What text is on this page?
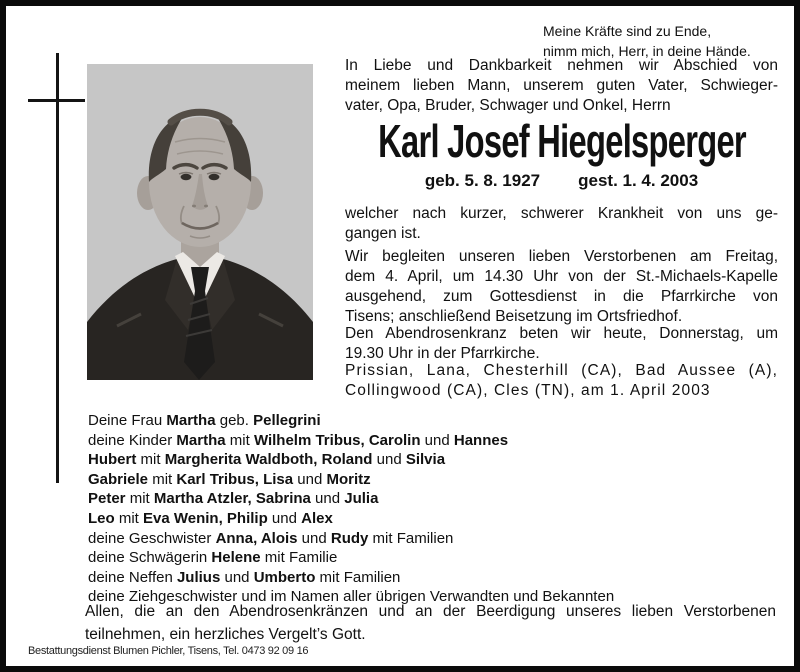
Meine Kräfte sind zu Ende,
nimm mich, Herr, in deine Hände.
In Liebe und Dankbarkeit nehmen wir Abschied von
meinem lieben Mann, unserem guten Vater, Schwieger-
vater, Opa, Bruder, Schwager und Onkel, Herrn
Karl Josef Hiegelsperger
geb. 5. 8. 1927 gest. 1. 4. 2003
welcher nach kurzer, schwerer Krankheit von uns ge-
gangen ist.
Wir begleiten unseren lieben Verstorbenen am Freitag,
dem 4. April, um 14.30 Uhr von der St.-Michaels-Kapelle
ausgehend, zum Gottesdienst in die Pfarrkirche von
Tisens; anschließend Beisetzung im Ortsfriedhof.
Den Abendrosenkranz beten wir heute, Donnerstag, um
19.30 Uhr in der Pfarrkirche.
Prissian, Lana, Chesterhill (CA), Bad Aussee (A),
Collingwood (CA), Cles (TN), am 1. April 2003
Deine Frau Martha geb. Pellegrini
deine Kinder Martha mit Wilhelm Tribus, Carolin und Hannes
Hubert mit Margherita Waldboth, Roland und Silvia
Gabriele mit Karl Tribus, Lisa und Moritz
Peter mit Martha Atzler, Sabrina und Julia
Leo mit Eva Wenin, Philip und Alex
deine Geschwister Anna, Alois und Rudy mit Familien
deine Schwägerin Helene mit Familie
deine Neffen Julius und Umberto mit Familien
deine Ziehgeschwister und im Namen aller übrigen Verwandten und Bekannten
Allen, die an den Abendrosenkränzen und an der Beerdigung unseres lieben Verstorbenen
teilnehmen, ein herzliches Vergelt’s Gott.
Bestattungsdienst Blumen Pichler, Tisens, Tel. 0473 92 09 16
